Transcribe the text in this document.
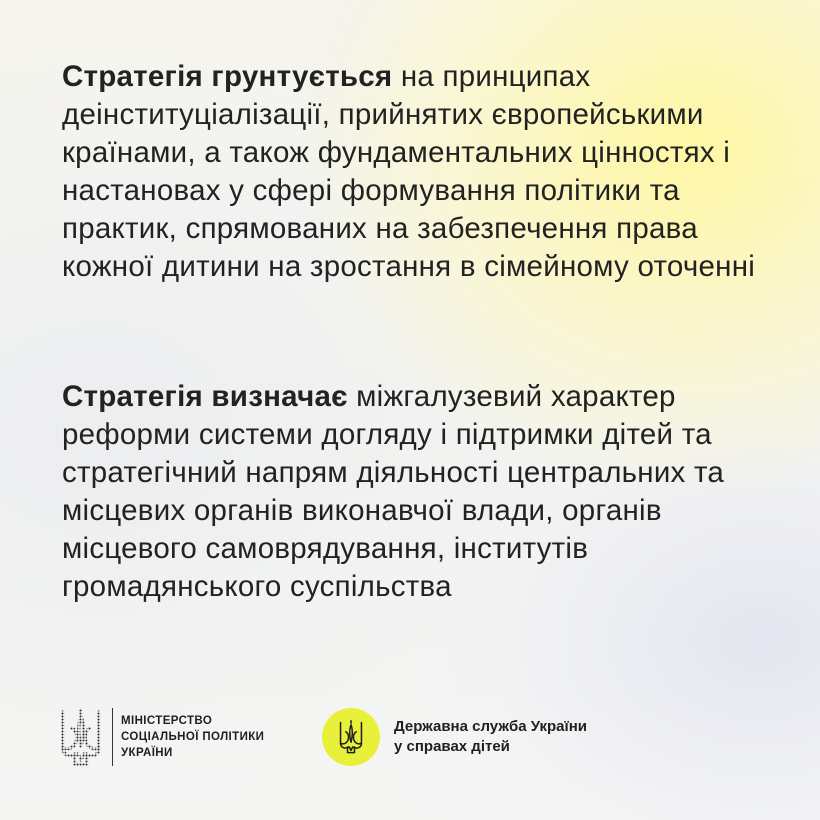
Стратегія грунтується на принципах деінституціалізації, прийнятих європейськими країнами, а також фундаментальних цінностях і настановах у сфері формування політики та практик, спрямованих на забезпечення права кожної дитини на зростання в сімейному оточенні

Стратегія визначає міжгалузевий характер реформи системи догляду і підтримки дітей та стратегічний напрям діяльності центральних та місцевих органів виконавчої влади, органів місцевого самоврядування, інститутів громадянського суспільства

МІНІСТЕРСТВО
СОЦІАЛЬНОЇ ПОЛІТИКИ
УКРАЇНИ
Державна служба України
у справах дітей
